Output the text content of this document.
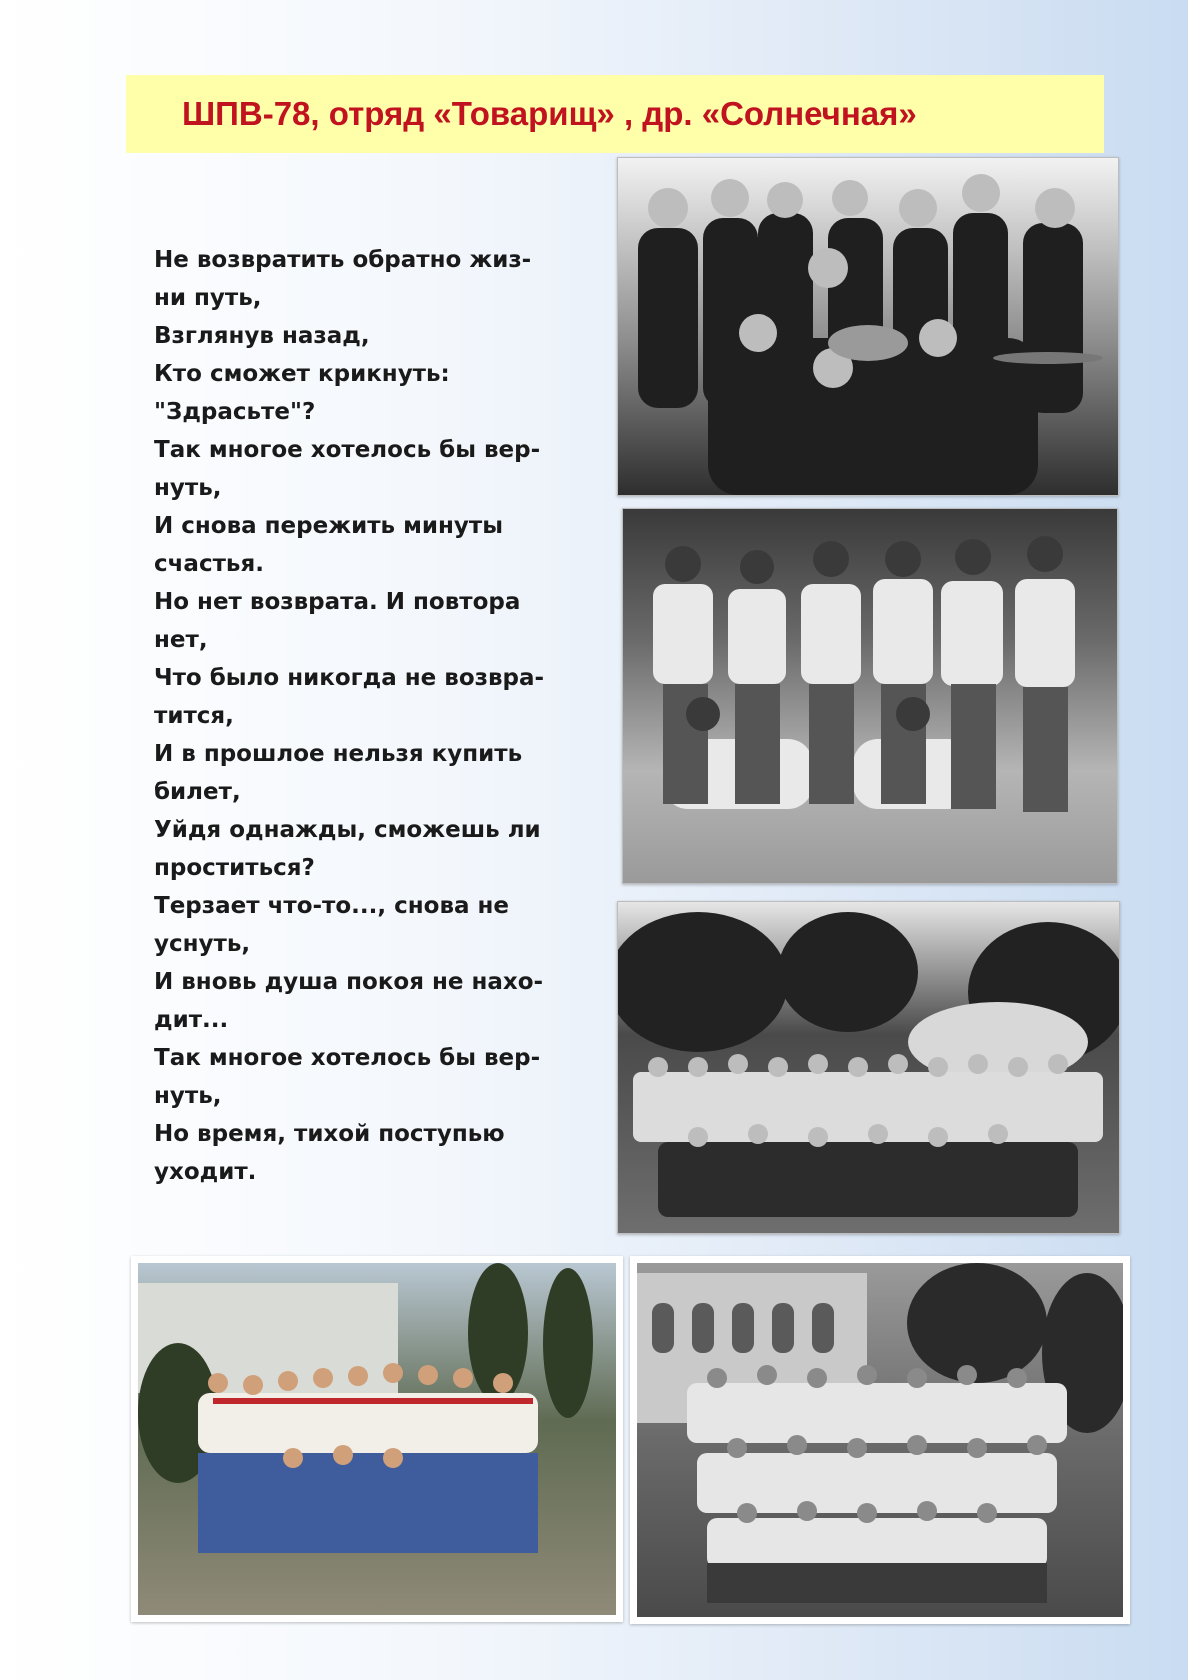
ШПВ-78, отряд «Товарищ» , др. «Солнечная»
Не возвратить обратно жиз-
ни путь,
Взглянув назад,
Кто сможет крикнуть:
"Здрасьте"?
Так многое хотелось бы вер-
нуть,
И снова пережить минуты
счастья.
Но нет возврата. И повтора
нет,
Что было никогда не возвра-
тится,
И в прошлое нельзя купить
билет,
Уйдя однажды, сможешь ли
проститься?
Терзает что-то..., снова не
уснуть,
И вновь душа покоя не нахо-
дит...
Так многое хотелось бы вер-
нуть,
Но время, тихой поступью
уходит.
